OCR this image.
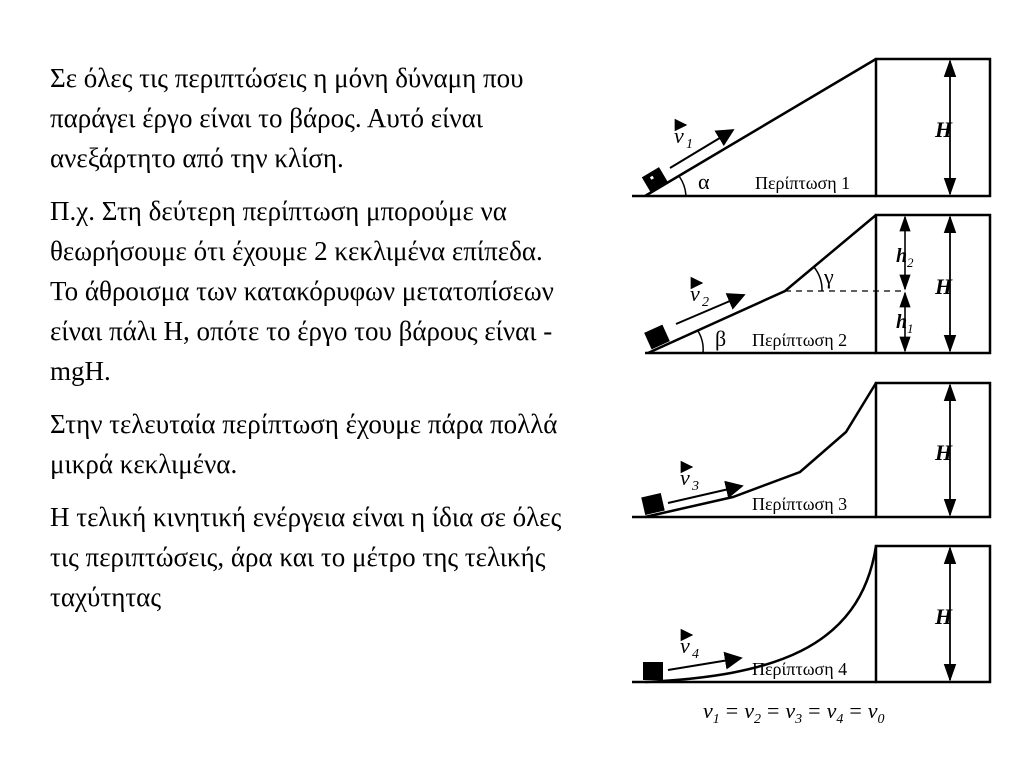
Σε όλες τις περιπτώσεις η μόνη δύναμη που παράγει έργο είναι το βάρος. Αυτό είναι ανεξάρτητο από την κλίση.

Π.χ. Στη δεύτερη περίπτωση μπορούμε να θεωρήσουμε ότι έχουμε 2 κεκλιμένα επίπεδα. Το άθροισμα των κατακόρυφων μετατοπίσεων είναι πάλι Η, οπότε το έργο του βάρους είναι -mgH.

Στην τελευταία περίπτωση έχουμε πάρα πολλά μικρά κεκλιμένα.

Η τελική κινητική ενέργεια είναι η ίδια σε όλες τις περιπτώσεις, άρα και το μέτρο της τελικής ταχύτητας

v 1
α	Περίπτωση 1
H
v 2
β
γ
Περίπτωση 2
h 2
h 1
H
v 3
Περίπτωση 3
H
v 4
Περίπτωση 4
H
$v_1 = v_2 = v_3 = v_4 = v_0$
